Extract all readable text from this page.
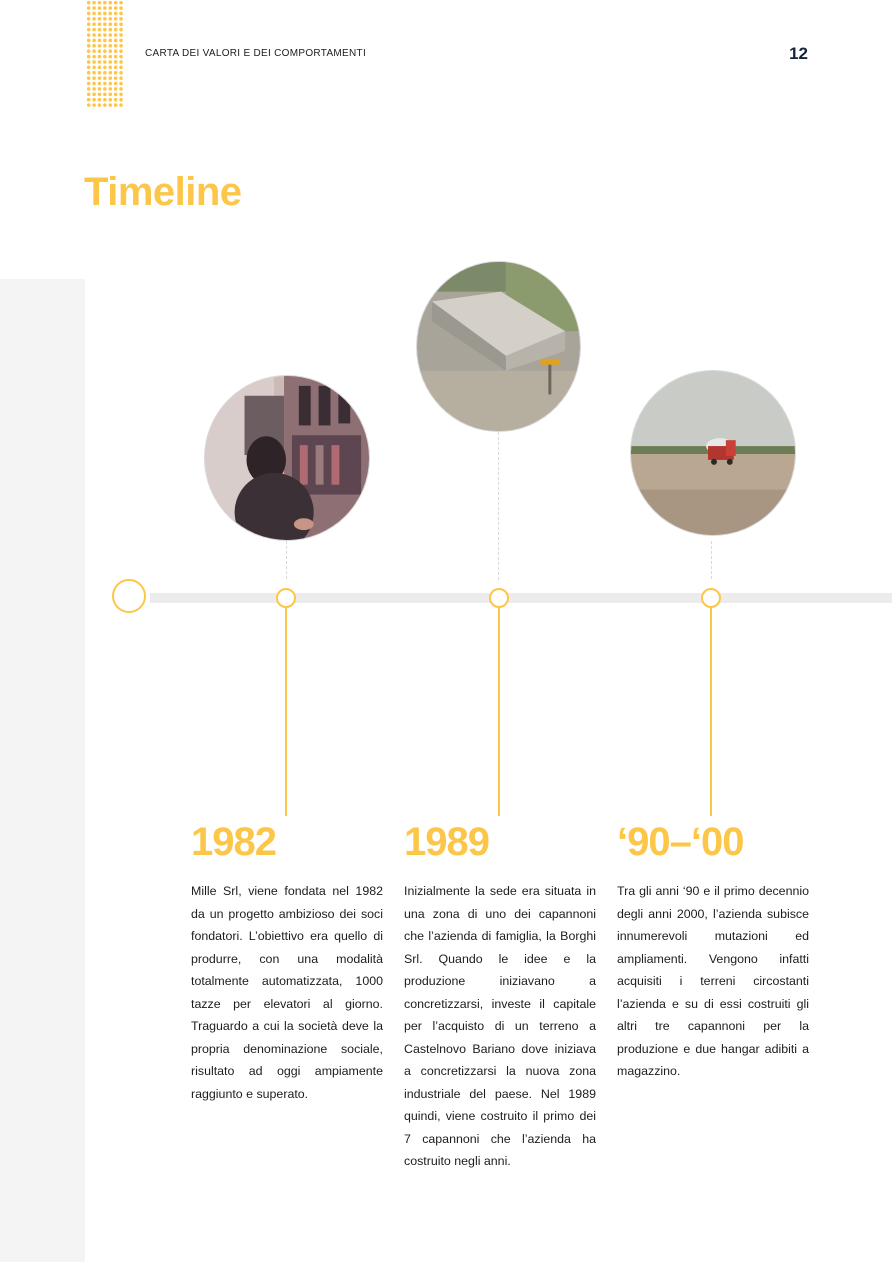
CARTA DEI VALORI E DEI COMPORTAMENTI	12
Timeline
1982	1989	‘90–‘00
Mille Srl, viene fondata nel 1982 da un progetto ambizioso dei soci fondatori. L’obiettivo era quello di produrre, con una modalità totalmente automatizzata, 1000 tazze per elevatori al giorno. Traguardo a cui la società deve la propria denominazione sociale, risultato ad oggi ampiamente raggiunto e superato.
Inizialmente la sede era situata in una zona di uno dei capannoni che l’azienda di famiglia, la Borghi Srl. Quando le idee e la produzione iniziavano a concretizzarsi, investe il capitale per l’acquisto di un terreno a Castelnovo Bariano dove iniziava a concretizzarsi la nuova zona industriale del paese. Nel 1989 quindi, viene costruito il primo dei 7 capannoni che l’azienda ha costruito negli anni.
Tra gli anni ‘90 e il primo decennio degli anni 2000, l’azienda subisce innumerevoli mutazioni ed ampliamenti. Vengono infatti acquisiti i terreni circostanti l’azienda e su di essi costruiti gli altri tre capannoni per la produzione e due hangar adibiti a magazzino.
